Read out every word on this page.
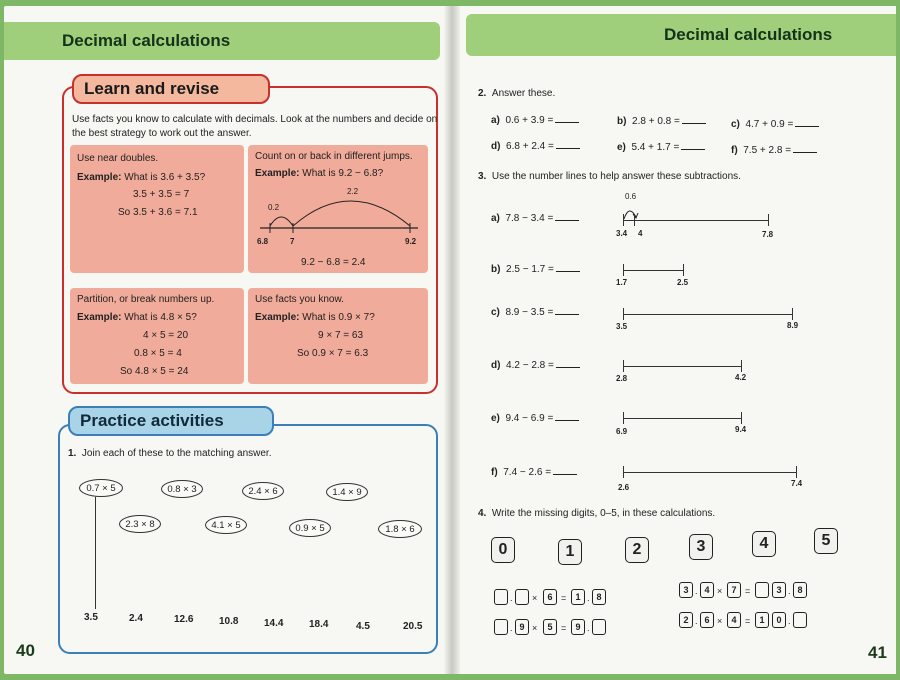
Decimal calculations
40
Learn and revise
Use facts you know to calculate with decimals. Look at the numbers and decide on
the best strategy to work out the answer.
Use near doubles.
Example: What is 3.6 + 3.5?
3.5 + 3.5 = 7
So 3.5 + 3.6 = 7.1
Count on or back in different jumps.
Example: What is 9.2 − 6.8?
0.2
2.2
6.8	7	9.2
9.2 − 6.8 = 2.4
Partition, or break numbers up.
Example: What is 4.8 × 5?
4 × 5 = 20
0.8 × 5 = 4
So 4.8 × 5 = 24
Use facts you know.
Example: What is 0.9 × 7?
9 × 7 = 63
So 0.9 × 7 = 6.3
Practice activities
1. Join each of these to the matching answer.
0.7 × 5	0.8 × 3	2.4 × 6	1.4 × 9
2.3 × 8	4.1 × 5	0.9 × 5	1.8 × 6
3.5	2.4	12.6	10.8	14.4	18.4	4.5	20.5
Decimal calculations
41
2. Answer these.
a) 0.6 + 3.9 =	b) 2.8 + 0.8 =	c) 4.7 + 0.9 =
d) 6.8 + 2.4 =	e) 5.4 + 1.7 =	f) 7.5 + 2.8 =
3. Use the number lines to help answer these subtractions.
a) 7.8 − 3.4 =
0.6
3.4 4	7.8
b) 2.5 − 1.7 =
1.7	2.5
c) 8.9 − 3.5 =
3.5	8.9
d) 4.2 − 2.8 =
2.8	4.2
e) 9.4 − 6.9 =
6.9	9.4
f) 7.4 − 2.6 =
2.6	7.4
4. Write the missing digits, 0–5, in these calculations.
0	1	2	3	4	5
. ×	6 =	1 . 8
3 . 4 ×	7 =	3 . 8
. 9 ×	5 =	9 .
2 . 6 ×	4 =	1	0 .
